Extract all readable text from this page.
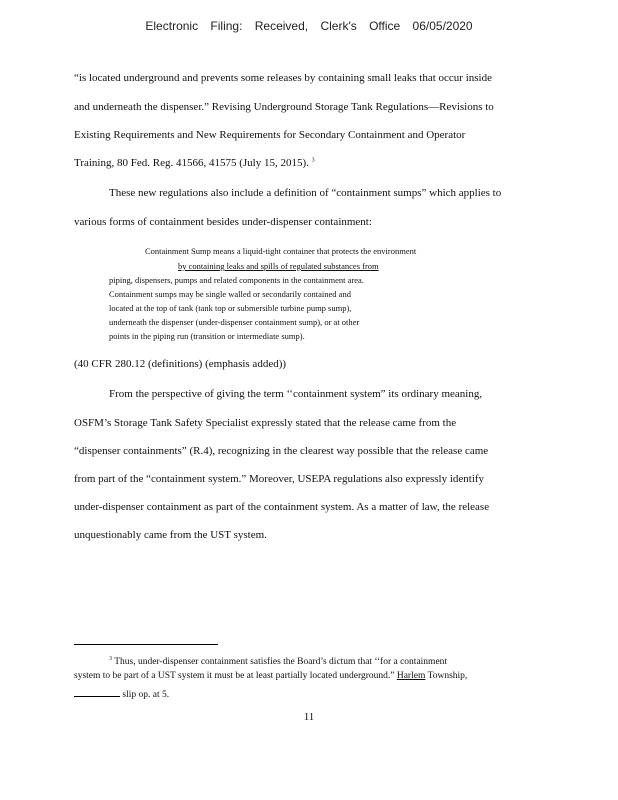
Electronic Filing: Received, Clerk's Office 06/05/2020
“is located underground and prevents some releases by containing small leaks that occur inside
and underneath the dispenser.” Revising Underground Storage Tank Regulations—Revisions to
Existing Requirements and New Requirements for Secondary Containment and Operator
Training, 80 Fed. Reg. 41566, 41575 (July 15, 2015). $^3$
These new regulations also include a definition of “containment sumps” which applies to
various forms of containment besides under-dispenser containment:
Containment Sump means a liquid-tight container that protects the environment
by containing leaks and spills of regulated substances from
piping, dispensers, pumps and related components in the containment area.
Containment sumps may be single walled or secondarily contained and
located at the top of tank (tank top or submersible turbine pump sump),
underneath the dispenser (under-dispenser containment sump), or at other
points in the piping run (transition or intermediate sump).
(40 CFR 280.12 (definitions) (emphasis added))
From the perspective of giving the term ‘‘containment system” its ordinary meaning,
OSFM’s Storage Tank Safety Specialist expressly stated that the release came from the
“dispenser containments” (R.4), recognizing in the clearest way possible that the release came
from part of the “containment system.” Moreover, USEPA regulations also expressly identify
under-dispenser containment as part of the containment system. As a matter of law, the release
unquestionably came from the UST system.
$^3$ Thus, under-dispenser containment satisfies the Board’s dictum that ‘‘for a containment
system to be part of a UST system it must be at least partially located underground.” Harlem Township,
slip op. at 5.
11
